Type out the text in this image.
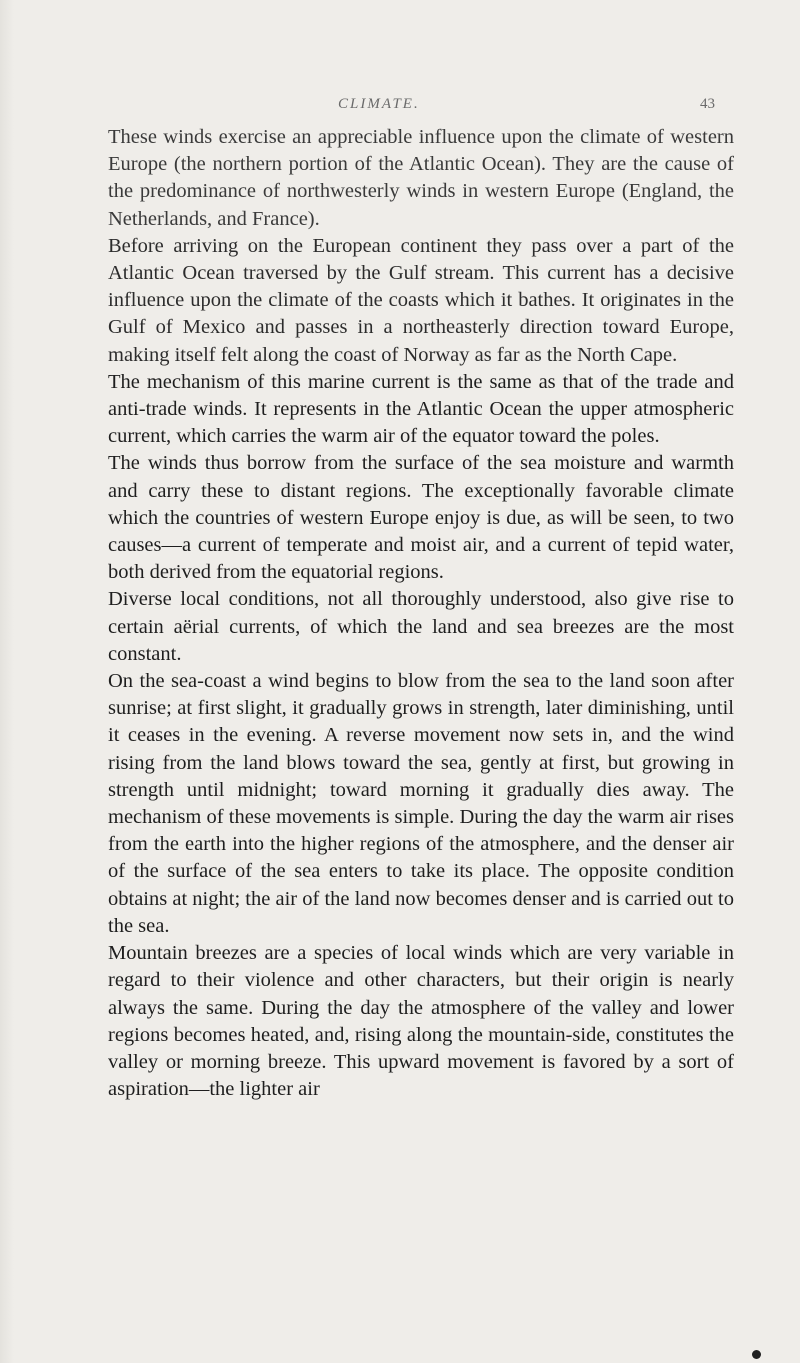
CLIMATE.	43

These winds exercise an appreciable influence upon the climate of western Europe (the northern portion of the Atlantic Ocean). They are the cause of the predominance of northwesterly winds in western Europe (England, the Netherlands, and France).

Before arriving on the European continent they pass over a part of the Atlantic Ocean traversed by the Gulf stream. This current has a decisive influence upon the climate of the coasts which it bathes. It originates in the Gulf of Mexico and passes in a northeasterly direction toward Europe, making itself felt along the coast of Norway as far as the North Cape.

The mechanism of this marine current is the same as that of the trade and anti-trade winds. It represents in the Atlantic Ocean the upper atmospheric current, which carries the warm air of the equator toward the poles.

The winds thus borrow from the surface of the sea moisture and warmth and carry these to distant regions. The exceptionally favorable climate which the countries of western Europe enjoy is due, as will be seen, to two causes—a current of temperate and moist air, and a current of tepid water, both derived from the equatorial regions.

Diverse local conditions, not all thoroughly understood, also give rise to certain aërial currents, of which the land and sea breezes are the most constant.

On the sea-coast a wind begins to blow from the sea to the land soon after sunrise; at first slight, it gradually grows in strength, later diminishing, until it ceases in the evening. A reverse movement now sets in, and the wind rising from the land blows toward the sea, gently at first, but growing in strength until midnight; toward morning it gradually dies away. The mechanism of these movements is simple. During the day the warm air rises from the earth into the higher regions of the atmosphere, and the denser air of the surface of the sea enters to take its place. The opposite condition obtains at night; the air of the land now becomes denser and is carried out to the sea.

Mountain breezes are a species of local winds which are very variable in regard to their violence and other characters, but their origin is nearly always the same. During the day the atmosphere of the valley and lower regions becomes heated, and, rising along the mountain-side, constitutes the valley or morning breeze. This upward movement is favored by a sort of aspiration—the lighter air
